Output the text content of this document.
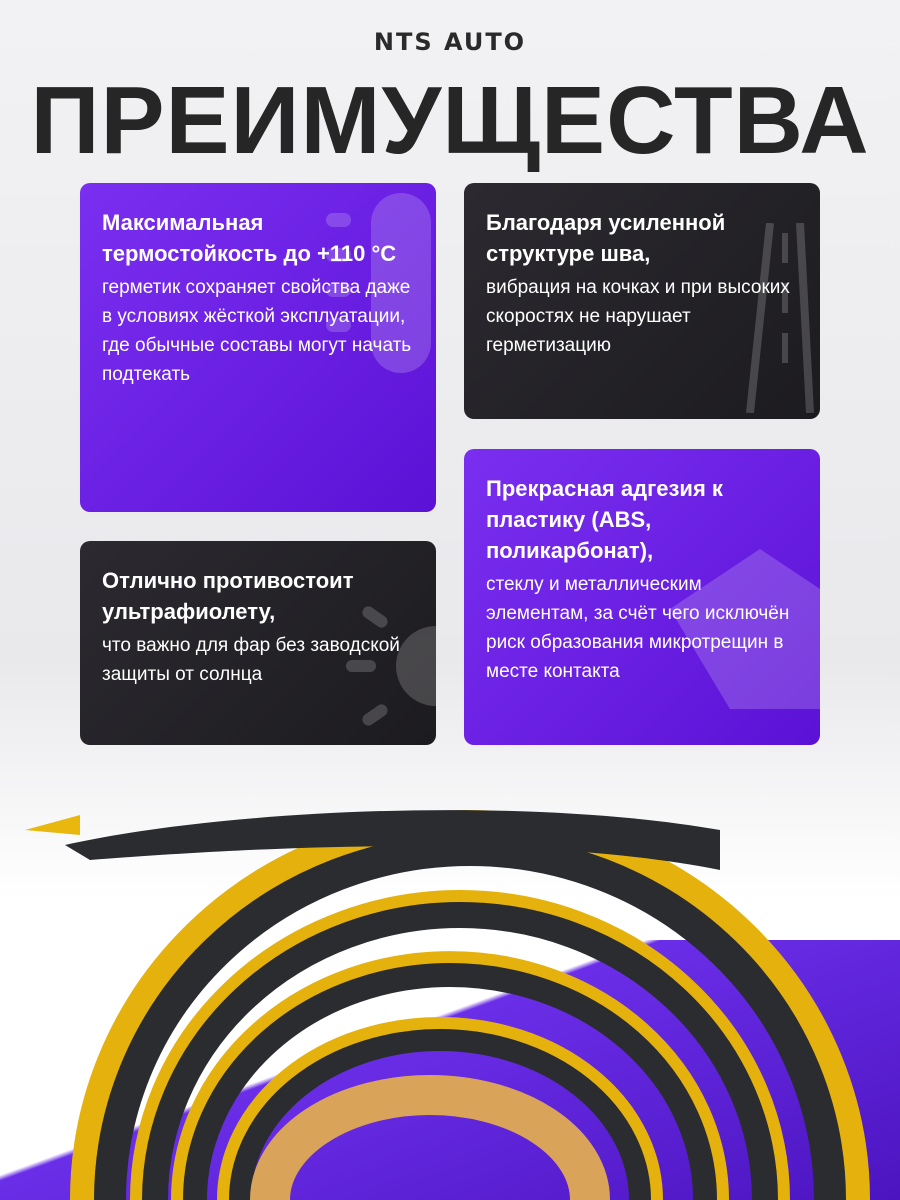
NTS AUTO
ПРЕИМУЩЕСТВА
Максимальная термостойкость до +110 °C

герметик сохраняет свойства даже в условиях жёсткой эксплуатации, где обычные составы могут начать подтекать

Благодаря усиленной структуре шва,

вибрация на кочках и при высоких скоростях не нарушает герметизацию

Отлично противостоит ультрафиолету,

что важно для фар без заводской защиты от солнца

Прекрасная адгезия к пластику (ABS, поликарбонат),

стеклу и металлическим элементам, за счёт чего исключён риск образования микротрещин в месте контакта
